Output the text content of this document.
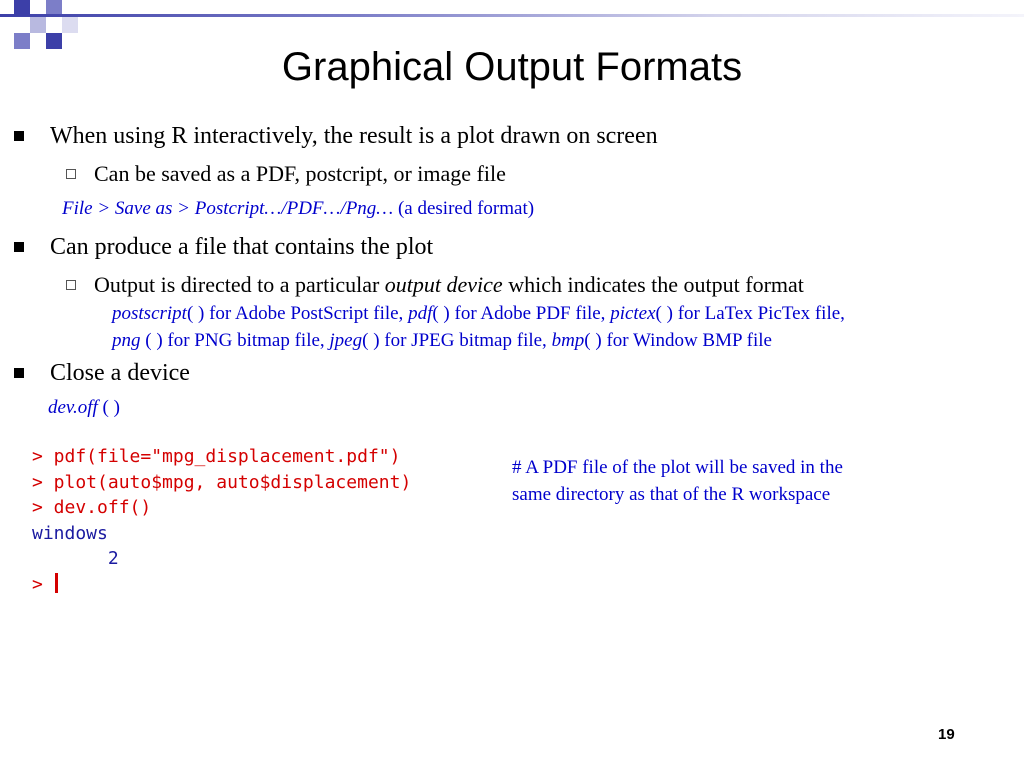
Graphical Output Formats
When using R interactively, the result is a plot drawn on screen
Can be saved as a PDF, postcript, or image file
File > Save as > Postcript…/PDF…/Png… (a desired format)
Can produce a file that contains the plot
Output is directed to a particular output device which indicates the output format
postscript( ) for Adobe PostScript file, pdf( ) for Adobe PDF file, pictex( ) for LaTex PicTex file,
png ( ) for PNG bitmap file, jpeg( ) for JPEG bitmap file, bmp( ) for Window BMP file
Close a device
dev.off ( )
> pdf(file="mpg_displacement.pdf")
> plot(auto$mpg, auto$displacement)
> dev.off()
windows
2
>
# A PDF file of the plot will be saved in the
same directory as that of the R workspace
19
